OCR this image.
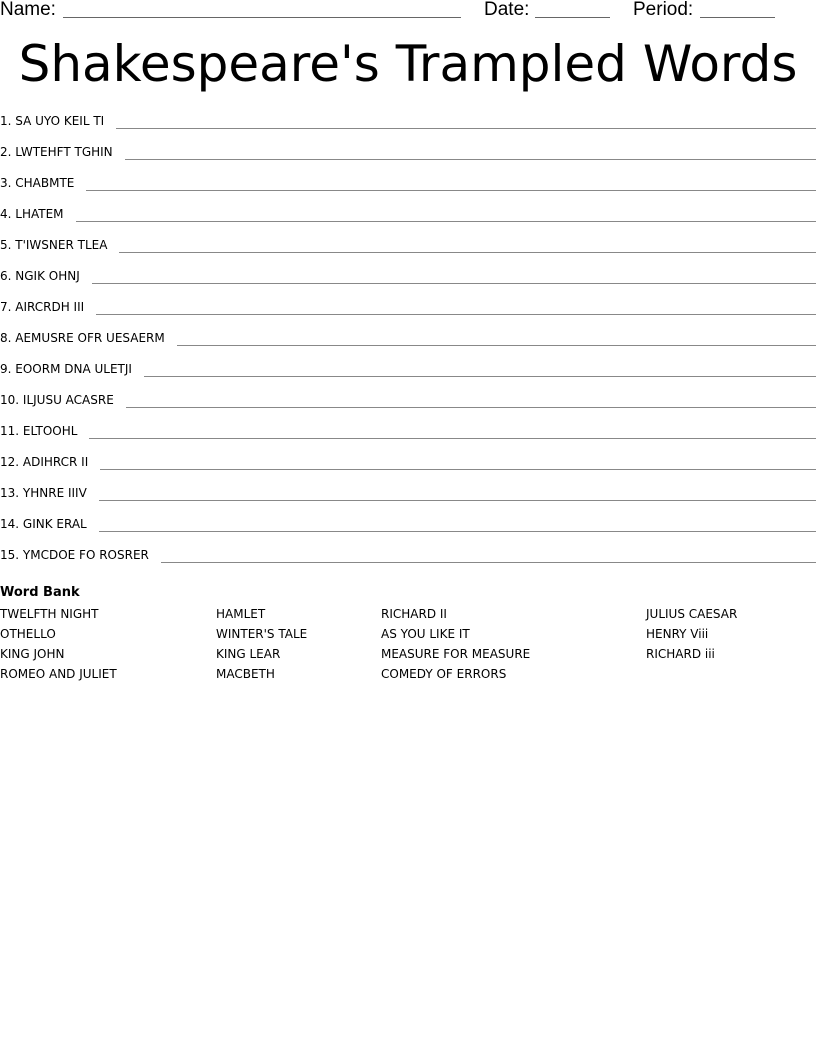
Name:	Date:	Period:
Shakespeare's Trampled Words
1. SA UYO KEIL TI
2. LWTEHFT TGHIN
3. CHABMTE
4. LHATEM
5. T'IWSNER TLEA
6. NGIK OHNJ
7. AIRCRDH III
8. AEMUSRE OFR UESAERM
9. EOORM DNA ULETJI
10. ILJUSU ACASRE
11. ELTOOHL
12. ADIHRCR II
13. YHNRE IIIV
14. GINK ERAL
15. YMCDOE FO ROSRER
Word Bank
TWELFTH NIGHT
OTHELLO
KING JOHN
ROMEO AND JULIET
HAMLET
WINTER'S TALE
KING LEAR
MACBETH
RICHARD II
AS YOU LIKE IT
MEASURE FOR MEASURE
COMEDY OF ERRORS
JULIUS CAESAR
HENRY Viii
RICHARD iii
